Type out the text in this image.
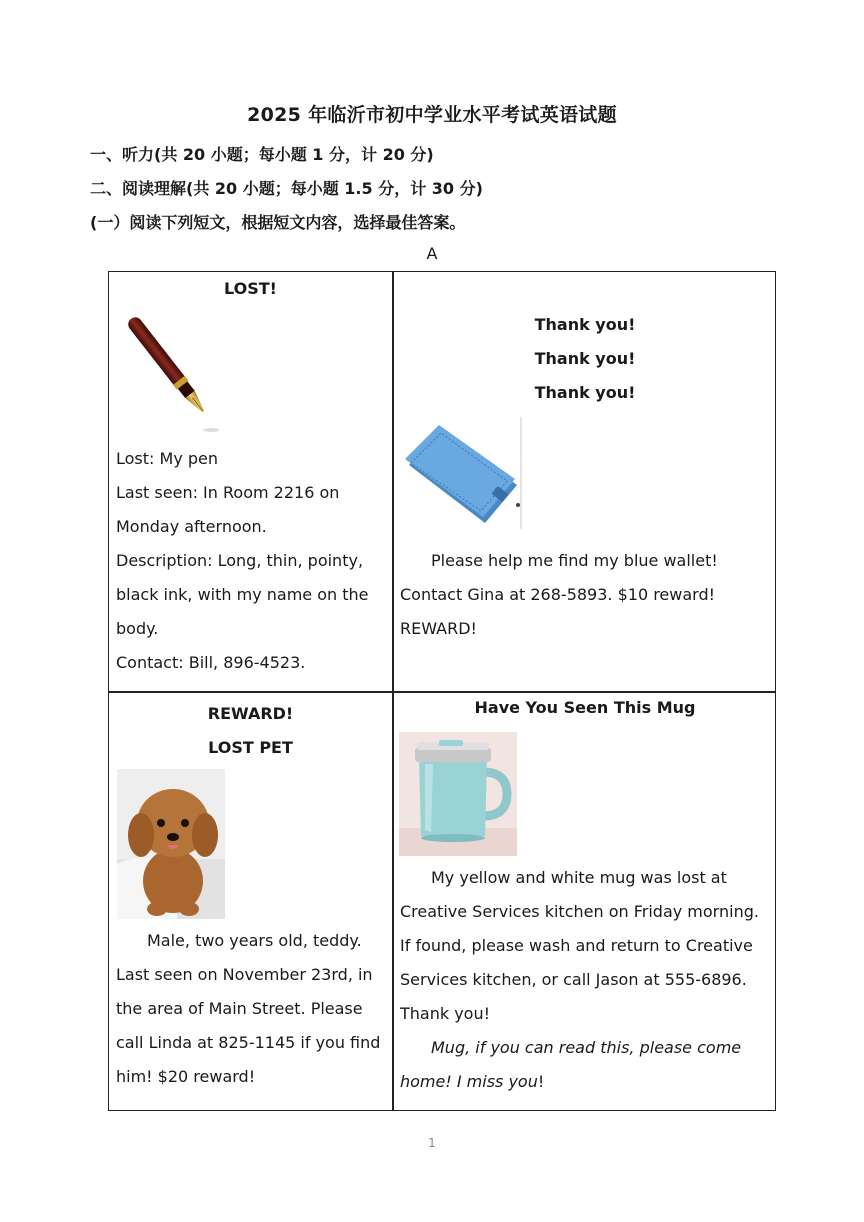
2025 年临沂市初中学业水平考试英语试题
一、听力(共 20 小题；每小题 1 分，计 20 分)
二、阅读理解(共 20 小题；每小题 1.5 分，计 30 分)
(一）阅读下列短文，根据短文内容，选择最佳答案。
A
LOST!
Lost: My pen
Last seen: In Room 2216 on
Monday afternoon.
Description: Long, thin, pointy,
black ink, with my name on the
body.
Contact: Bill, 896-4523.
Thank you!
Thank you!
Thank you!
Please help me find my blue wallet!
Contact Gina at 268-5893. $10 reward!
REWARD!
REWARD!
LOST PET
Male, two years old, teddy.
Last seen on November 23rd, in
the area of Main Street. Please
call Linda at 825-1145 if you find
him! $20 reward!
Have You Seen This Mug
My yellow and white mug was lost at
Creative Services kitchen on Friday morning.
If found, please wash and return to Creative
Services kitchen, or call Jason at 555-6896.
Thank you!
Mug, if you can read this, please come
home! I miss you!
1
